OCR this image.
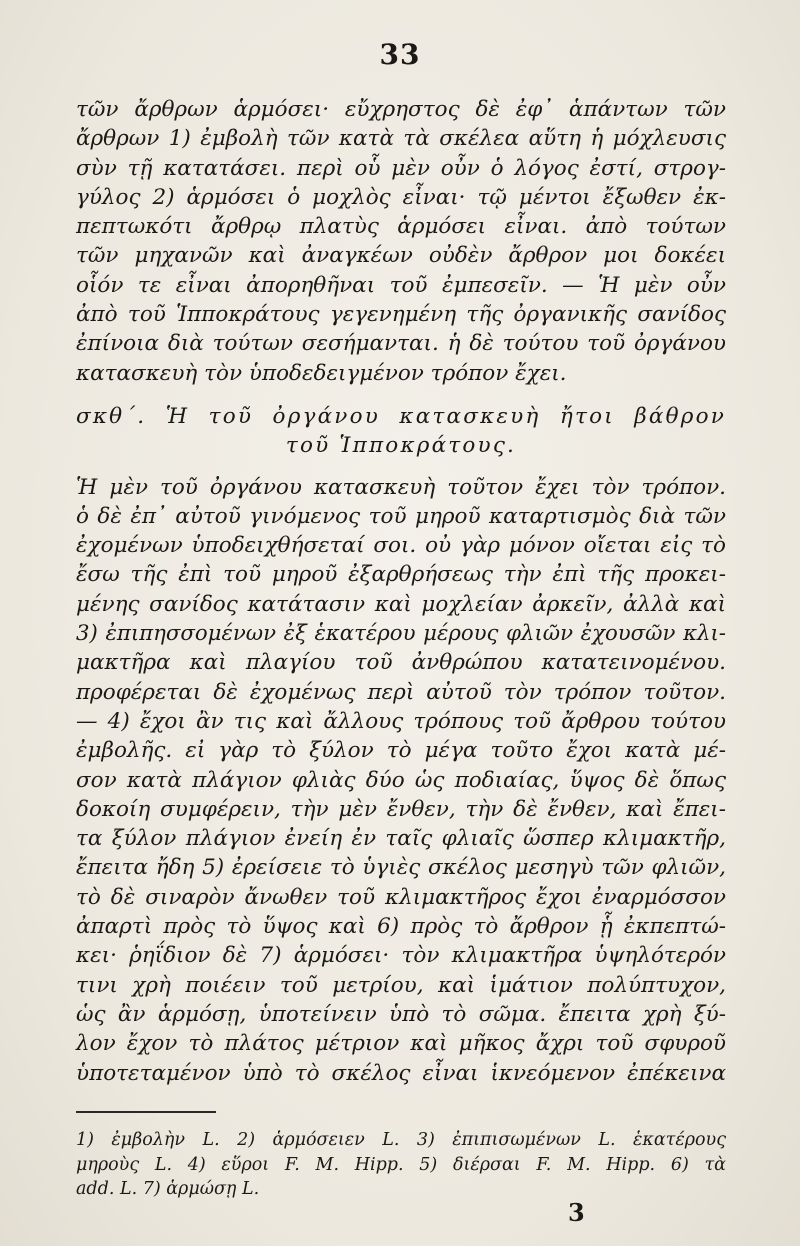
33
τῶν ἄρθρων ἁρμόσει· εὔχρηστος δὲ ἐφ᾽ ἁπάντων τῶν
ἄρθρων 1) ἐμβολὴ τῶν κατὰ τὰ σκέλεα αὕτη ἡ μόχλευσις
σὺν τῇ κατατάσει. περὶ οὗ μὲν οὖν ὁ λόγος ἐστί, στρογ-
γύλος 2) ἁρμόσει ὁ μοχλὸς εἶναι· τῷ μέντοι ἔξωθεν ἐκ-
πεπτωκότι ἄρθρῳ πλατὺς ἁρμόσει εἶναι. ἀπὸ τούτων
τῶν μηχανῶν καὶ ἀναγκέων οὐδὲν ἄρθρον μοι δοκέει
οἷόν τε εἶναι ἀπορηθῆναι τοῦ ἐμπεσεῖν. — Ἡ μὲν οὖν
ἀπὸ τοῦ Ἱπποκράτους γεγενημένη τῆς ὀργανικῆς σανίδος
ἐπίνοια διὰ τούτων σεσήμανται. ἡ δὲ τούτου τοῦ ὀργάνου
κατασκευὴ τὸν ὑποδεδειγμένον τρόπον ἔχει.
σκθ΄. Ἡ τοῦ ὀργάνου κατασκευὴ ἤτοι βάθρον
τοῦ Ἱπποκράτους.
Ἡ μὲν τοῦ ὀργάνου κατασκευὴ τοῦτον ἔχει τὸν τρόπον.
ὁ δὲ ἐπ᾽ αὐτοῦ γινόμενος τοῦ μηροῦ καταρτισμὸς διὰ τῶν
ἐχομένων ὑποδειχθήσεταί σοι. οὐ γὰρ μόνον οἴεται εἰς τὸ
ἔσω τῆς ἐπὶ τοῦ μηροῦ ἐξαρθρήσεως τὴν ἐπὶ τῆς προκει-
μένης σανίδος κατάτασιν καὶ μοχλείαν ἀρκεῖν, ἀλλὰ καὶ
3) ἐπιπησσομένων ἐξ ἑκατέρου μέρους φλιῶν ἐχουσῶν κλι-
μακτῆρα καὶ πλαγίου τοῦ ἀνθρώπου κατατεινομένου.
προφέρεται δὲ ἐχομένως περὶ αὐτοῦ τὸν τρόπον τοῦτον.
— 4) ἔχοι ἂν τις καὶ ἄλλους τρόπους τοῦ ἄρθρου τούτου
ἐμβολῆς. εἰ γὰρ τὸ ξύλον τὸ μέγα τοῦτο ἔχοι κατὰ μέ-
σον κατὰ πλάγιον φλιὰς δύο ὡς ποδιαίας, ὕψος δὲ ὅπως
δοκοίη συμφέρειν, τὴν μὲν ἔνθεν, τὴν δὲ ἔνθεν, καὶ ἔπει-
τα ξύλον πλάγιον ἐνείη ἐν ταῖς φλιαῖς ὥσπερ κλιμακτῆρ,
ἔπειτα ἤδη 5) ἐρείσειε τὸ ὑγιὲς σκέλος μεσηγὺ τῶν φλιῶν,
τὸ δὲ σιναρὸν ἄνωθεν τοῦ κλιμακτῆρος ἔχοι ἐναρμόσσον
ἀπαρτὶ πρὸς τὸ ὕψος καὶ 6) πρὸς τὸ ἄρθρον ᾗ ἐκπεπτώ-
κει· ῥηΐδιον δὲ 7) ἁρμόσει· τὸν κλιμακτῆρα ὑψηλότερόν
τινι χρὴ ποιέειν τοῦ μετρίου, καὶ ἱμάτιον πολύπτυχον,
ὡς ἂν ἁρμόσῃ, ὑποτείνειν ὑπὸ τὸ σῶμα. ἔπειτα χρὴ ξύ-
λον ἔχον τὸ πλάτος μέτριον καὶ μῆκος ἄχρι τοῦ σφυροῦ
ὑποτεταμένον ὑπὸ τὸ σκέλος εἶναι ἱκνεόμενον ἐπέκεινα
1) ἐμβολὴν L. 2) ἁρμόσειεν L. 3) ἐπιπισωμένων L. ἑκατέρους
μηροὺς L. 4) εὕροι F. M. Hipp. 5) διέρσαι F. M. Hipp. 6) τὰ
add. L. 7) ἁρμώσῃ L.
3
